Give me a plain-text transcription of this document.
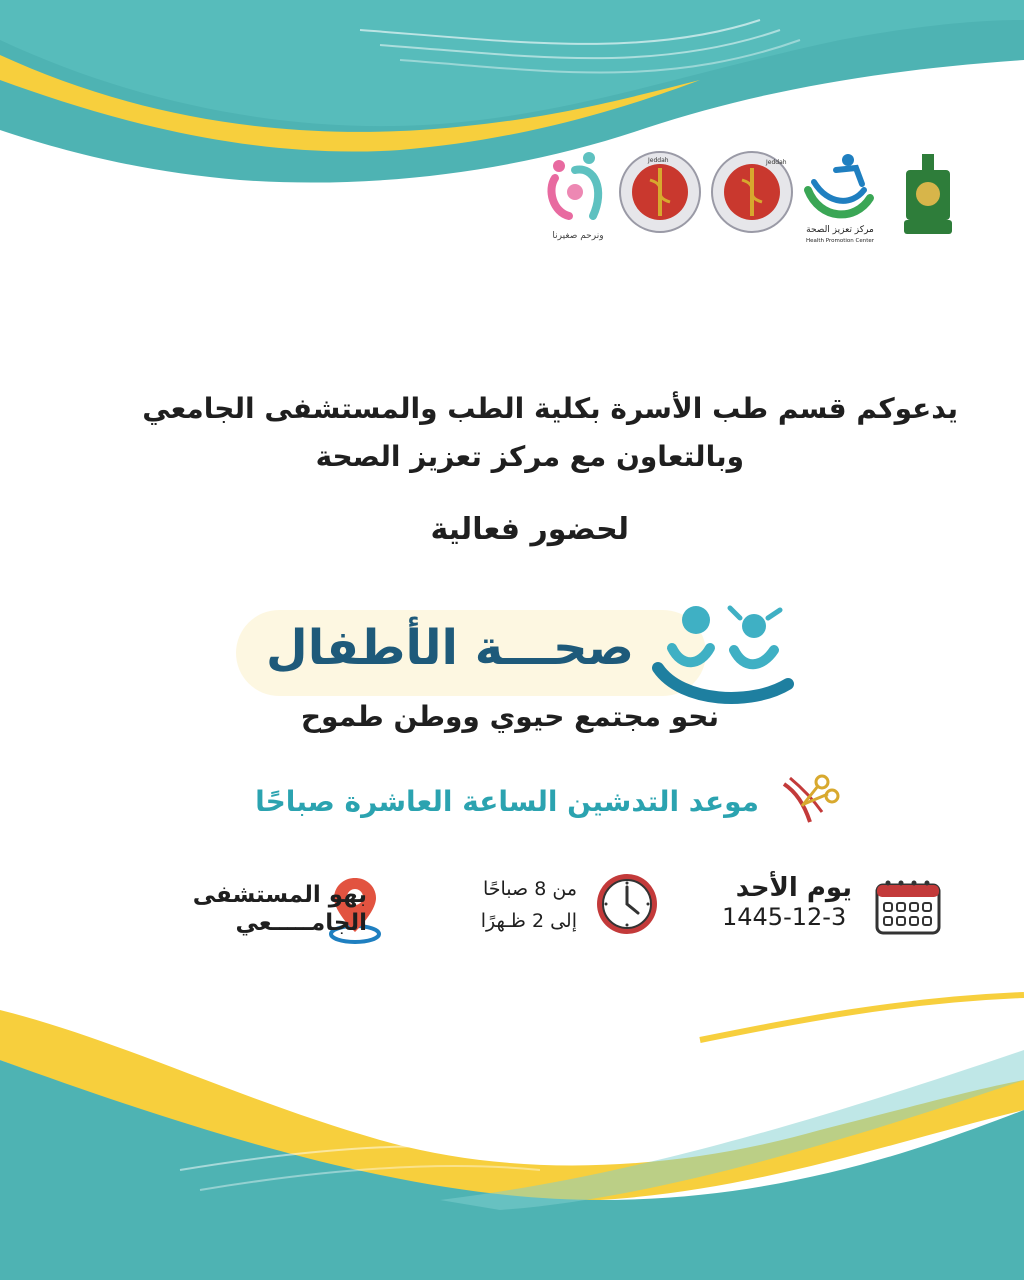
مركز تعزيز الصحة
Health Promotion Center
Jeddah
Jeddah
ونرحم صغيرنا
يدعوكم قسم طب الأسرة بكلية الطب والمستشفى الجامعي
وبالتعاون مع مركز تعزيز الصحة
لحضور فعالية
صحـــة الأطفال
نحو مجتمع حيوي ووطن طموح
موعد التدشين الساعة العاشرة صباحًا
يوم الأحد
1445-12-3
من 8 صباحًا
إلى 2 ظـهرًا
بهو المستشفى
الجامـــــعي
